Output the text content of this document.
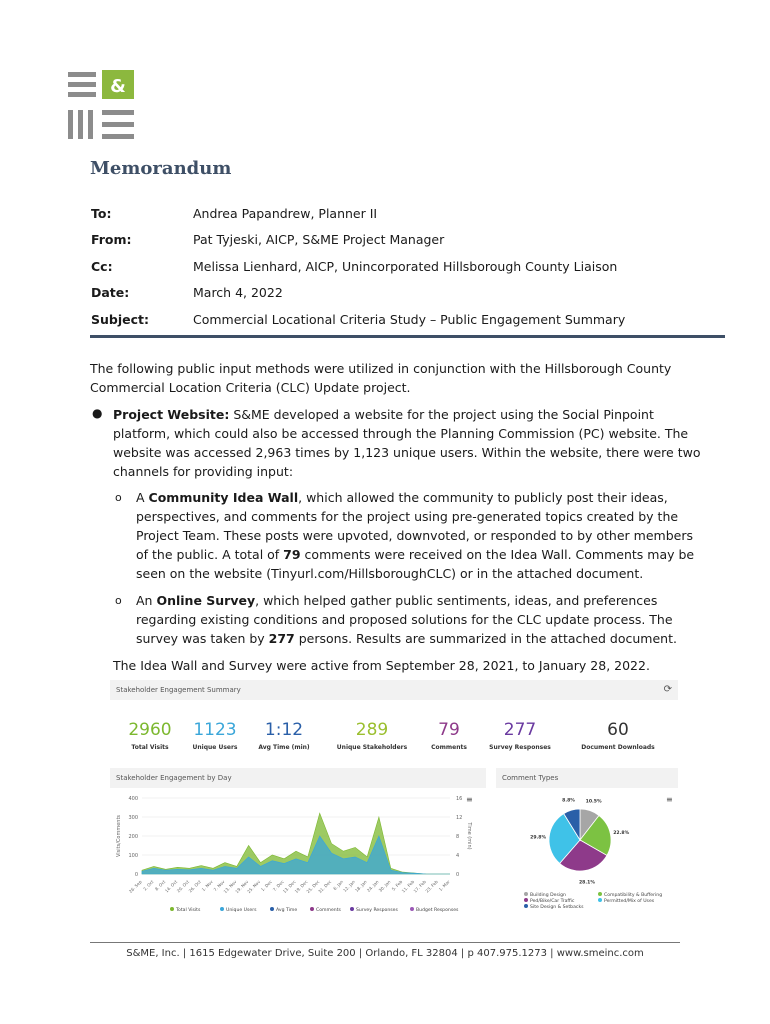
&
Memorandum
To:	Andrea Papandrew, Planner II
From:	Pat Tyjeski, AICP, S&ME Project Manager
Cc:	Melissa Lienhard, AICP, Unincorporated Hillsborough County Liaison
Date:	March 4, 2022
Subject:	Commercial Locational Criteria Study – Public Engagement Summary
The following public input methods were utilized in conjunction with the Hillsborough County
Commercial Location Criteria (CLC) Update project.
● Project Website: S&ME developed a website for the project using the Social Pinpoint
platform, which could also be accessed through the Planning Commission (PC) website. The
website was accessed 2,963 times by 1,123 unique users. Within the website, there were two
channels for providing input:
o A Community Idea Wall, which allowed the community to publicly post their ideas,
perspectives, and comments for the project using pre-generated topics created by the
Project Team. These posts were upvoted, downvoted, or responded to by other members
of the public. A total of 79 comments were received on the Idea Wall. Comments may be
seen on the website (Tinyurl.com/HillsboroughCLC) or in the attached document.
o An Online Survey, which helped gather public sentiments, ideas, and preferences
regarding existing conditions and proposed solutions for the CLC update process. The
survey was taken by 277 persons. Results are summarized in the attached document.
The Idea Wall and Survey were active from September 28, 2021, to January 28, 2022.
Stakeholder Engagement Summary	⟳
2960
Total Visits
1123
Unique Users
1:12
Avg Time (min)
289
Unique Stakeholders
79
Comments
277
Survey Responses
60
Document Downloads
Stakeholder Engagement by Day	Comment Types
400
300
200
100
0
16
12
8
4
0
Visits/Comments	Time (min)
26. Sep 2. Oct 8. Oct
14. Oct
20. Oct
26. Oct
1. Nov
7. Nov
13. Nov
19. Nov
25. Nov
1. Dec
7. Dec
13. Dec
19. Dec
25. Dec
31. Dec 6. Jan
12. Jan
18. Jan
24. Jan
30. Jan 5. Feb
11. Feb
17. Feb
23. Feb
1. Mar
≡
Total Visits	Unique Users	Avg Time	Comments	Survey Responses	Budget Responses
10.5%
22.8%
28.1%
29.8%
8.8%	≡
Building Design	Compatibility & Buffering
Ped/Bike/Car Traffic	Permitted/Mix of Uses
Site Design & Setbacks
S&ME, Inc. | 1615 Edgewater Drive, Suite 200 | Orlando, FL 32804 | p 407.975.1273 | www.smeinc.com
